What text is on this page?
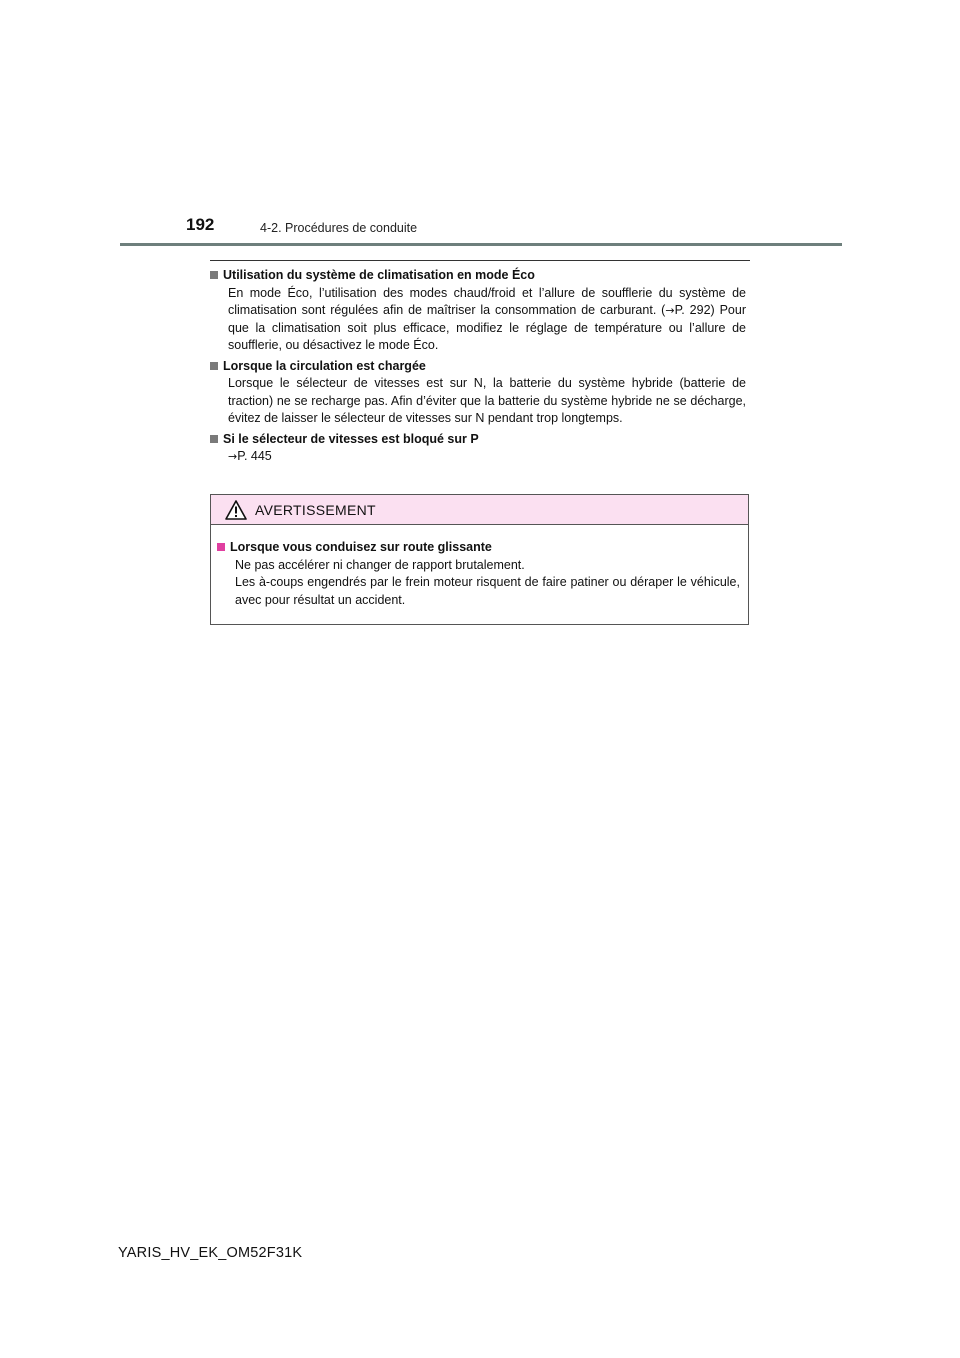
192	4-2. Procédures de conduite
Utilisation du système de climatisation en mode Éco
En mode Éco, l’utilisation des modes chaud/froid et l’allure de soufflerie du système de climatisation sont régulées afin de maîtriser la consommation de carburant. (→P. 292) Pour que la climatisation soit plus efficace, modifiez le réglage de température ou l’allure de soufflerie, ou désactivez le mode Éco.
Lorsque la circulation est chargée
Lorsque le sélecteur de vitesses est sur N, la batterie du système hybride (batterie de traction) ne se recharge pas. Afin d’éviter que la batterie du système hybride ne se décharge, évitez de laisser le sélecteur de vitesses sur N pendant trop longtemps.
Si le sélecteur de vitesses est bloqué sur P
→P. 445
AVERTISSEMENT
Lorsque vous conduisez sur route glissante
Ne pas accélérer ni changer de rapport brutalement.
Les à-coups engendrés par le frein moteur risquent de faire patiner ou déraper le véhicule, avec pour résultat un accident.
YARIS_HV_EK_OM52F31K
